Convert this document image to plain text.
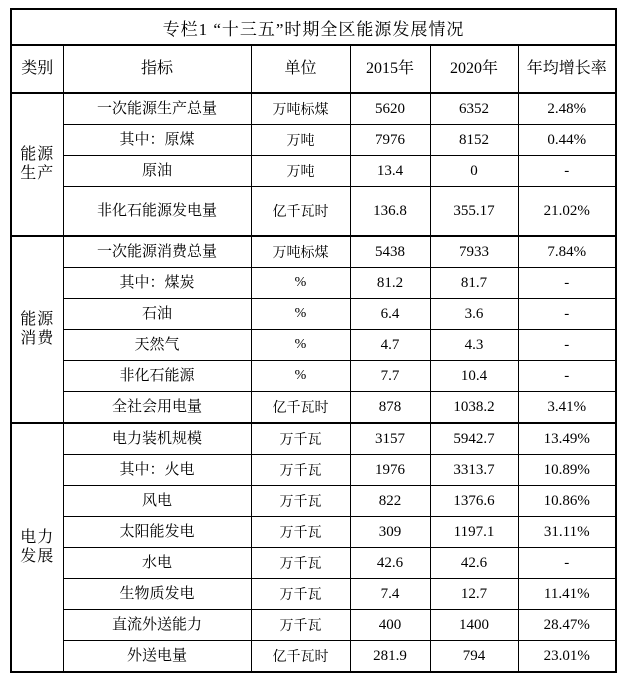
专栏1 “十三五”时期全区能源发展情况					
类别	指标	单位	2015年	2020年	年均增长率
能源生产	一次能源生产总量	万吨标煤	5620	6352	2.48%
	其中：原煤	万吨	7976	8152	0.44%
	原油	万吨	13.4	0	-
	非化石能源发电量	亿千瓦时	136.8	355.17	21.02%
能源消费	一次能源消费总量	万吨标煤	5438	7933	7.84%
	其中：煤炭	%	81.2	81.7	-
	石油	%	6.4	3.6	-
	天然气	%	4.7	4.3	-
	非化石能源	%	7.7	10.4	-
	全社会用电量	亿千瓦时	878	1038.2	3.41%
电力发展	电力装机规模	万千瓦	3157	5942.7	13.49%
	其中：火电	万千瓦	1976	3313.7	10.89%
	风电	万千瓦	822	1376.6	10.86%
	太阳能发电	万千瓦	309	1197.1	31.11%
	水电	万千瓦	42.6	42.6	-
	生物质发电	万千瓦	7.4	12.7	11.41%
	直流外送能力	万千瓦	400	1400	28.47%
	外送电量	亿千瓦时	281.9	794	23.01%
